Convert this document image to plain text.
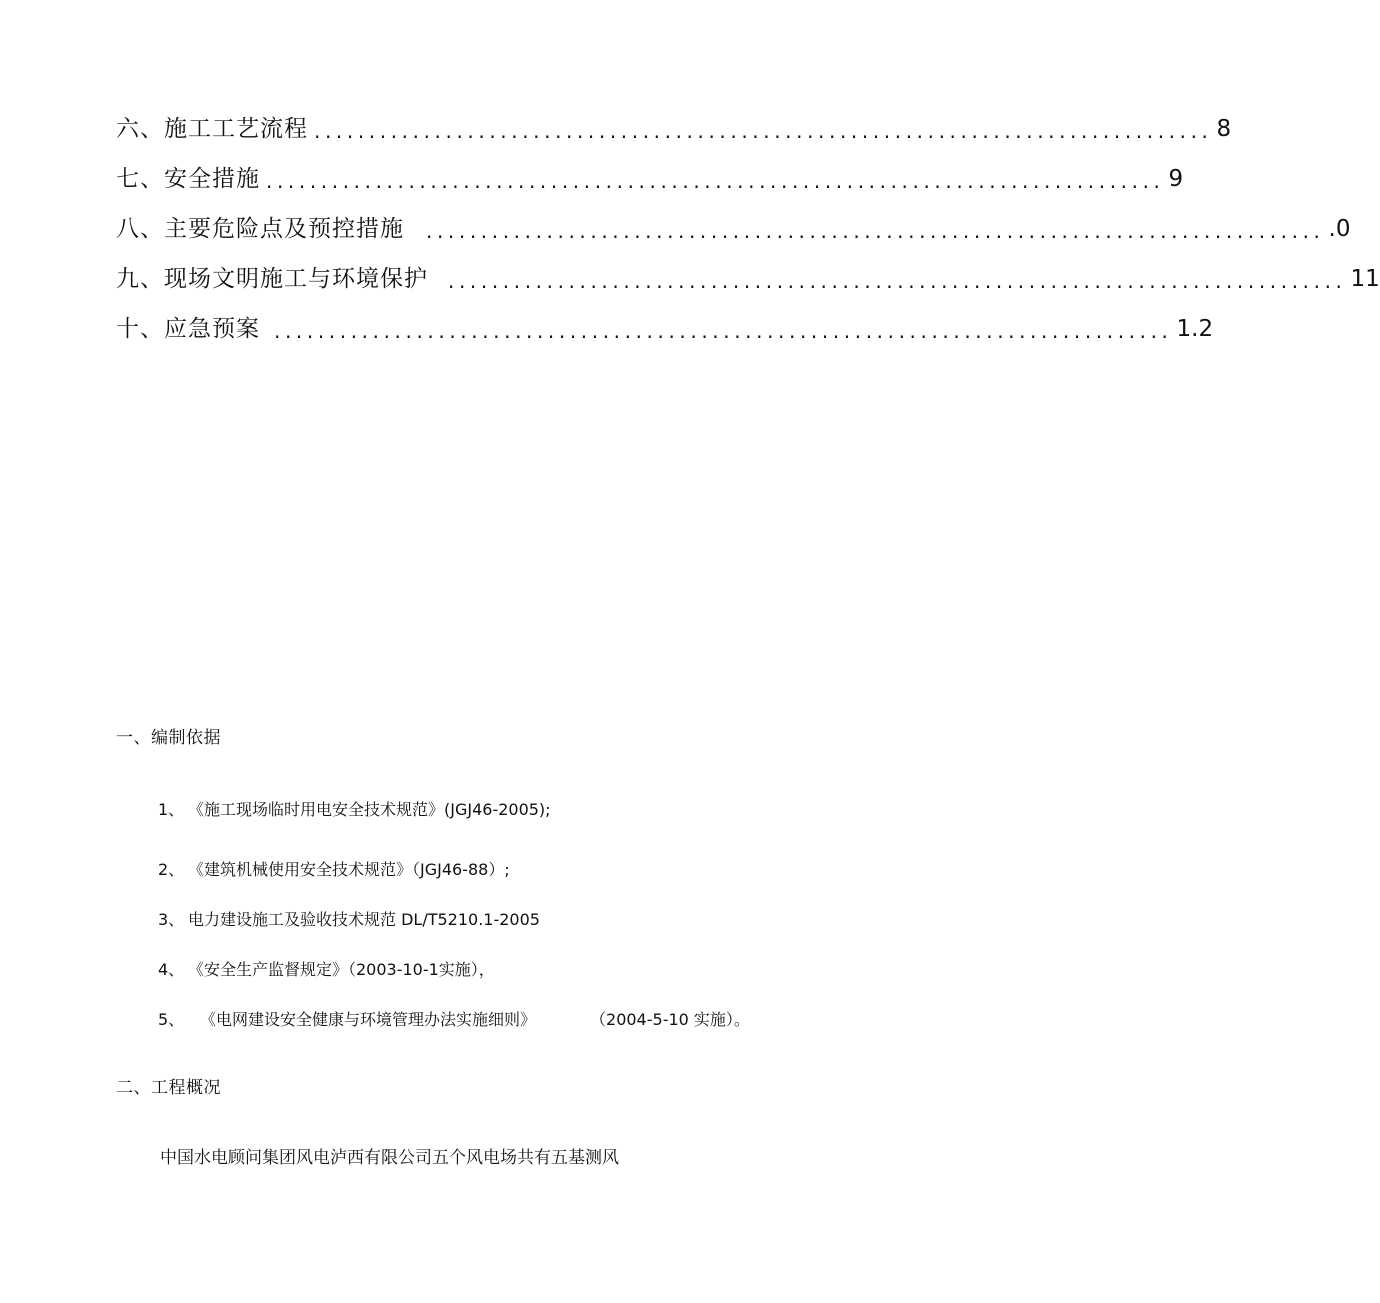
六、施工工艺流程 .................................................................................. 8
七、安全措施 .................................................................................. 9
八、主要危险点及预控措施 .................................................................................. .0
九、现场文明施工与环境保护 .................................................................................. 11
十、应急预案 .................................................................................. 1.2
一、编制依据
1、 《施工现场临时用电安全技术规范》(JGJ46-2005);
2、 《建筑机械使用安全技术规范》（JGJ46-88）;
3、 电力建设施工及验收技术规范 DL/T5210.1-2005
4、 《安全生产监督规定》（2003-10-1实施），
5、 《电网建设安全健康与环境管理办法实施细则》	（2004-5-10 实施）。
二、工程概况
中国水电顾问集团风电泸西有限公司五个风电场共有五基测风
